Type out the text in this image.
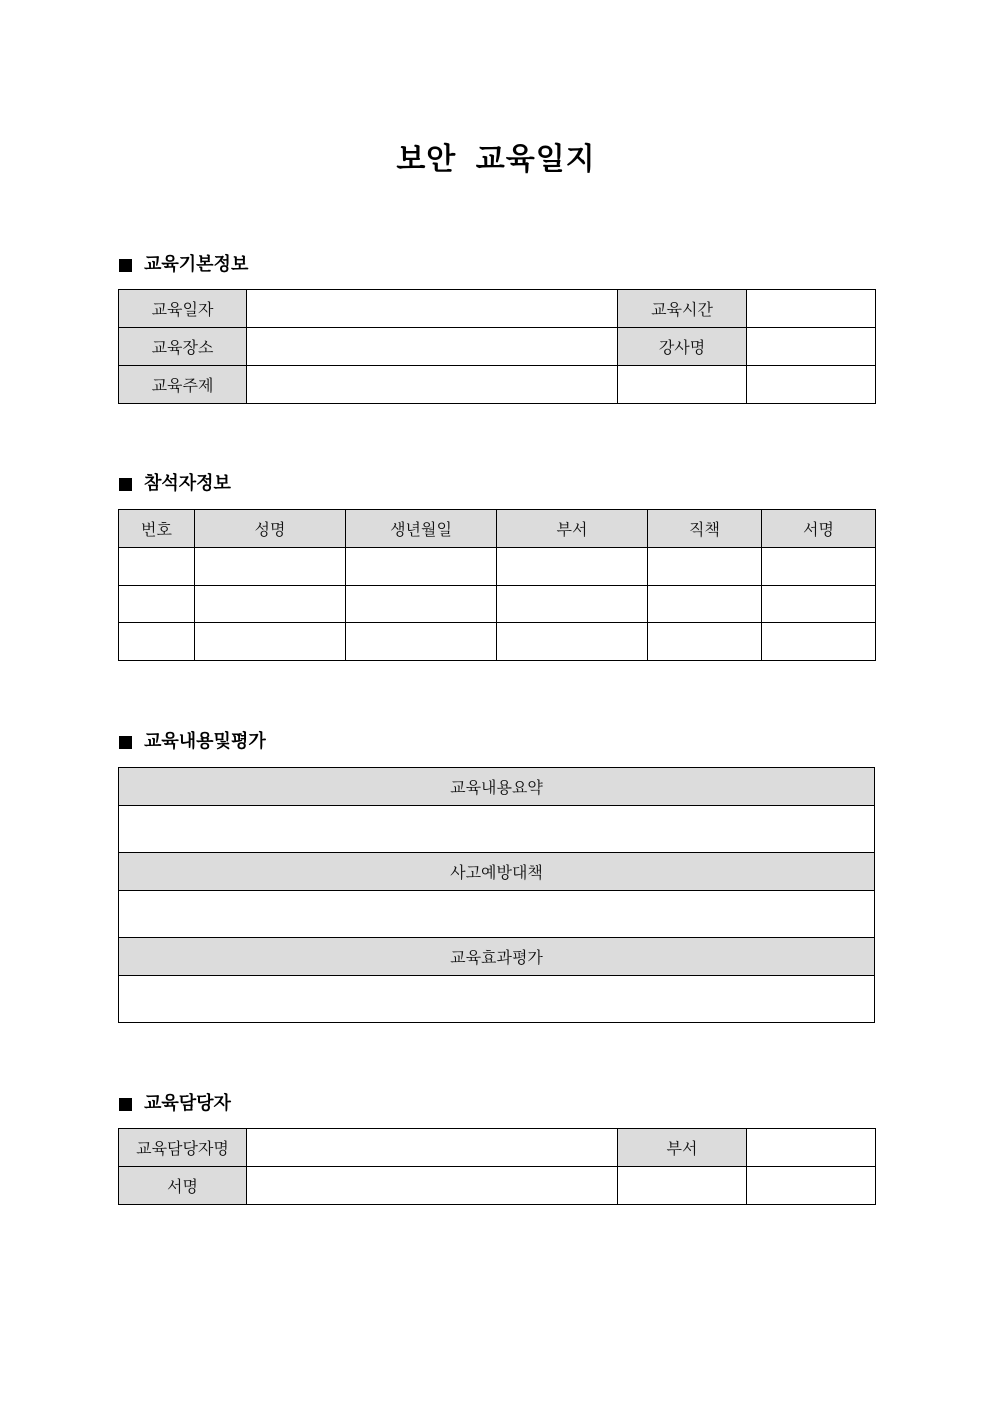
보안 교육일지
교육기본정보
교육일자		교육시간	
교육장소		강사명	
교육주제			
참석자정보
번호	성명	생년월일	부서	직책	서명

교육내용및평가
교육내용요약

사고예방대책

교육효과평가

교육담당자
교육담당자명		부서	
서명			
